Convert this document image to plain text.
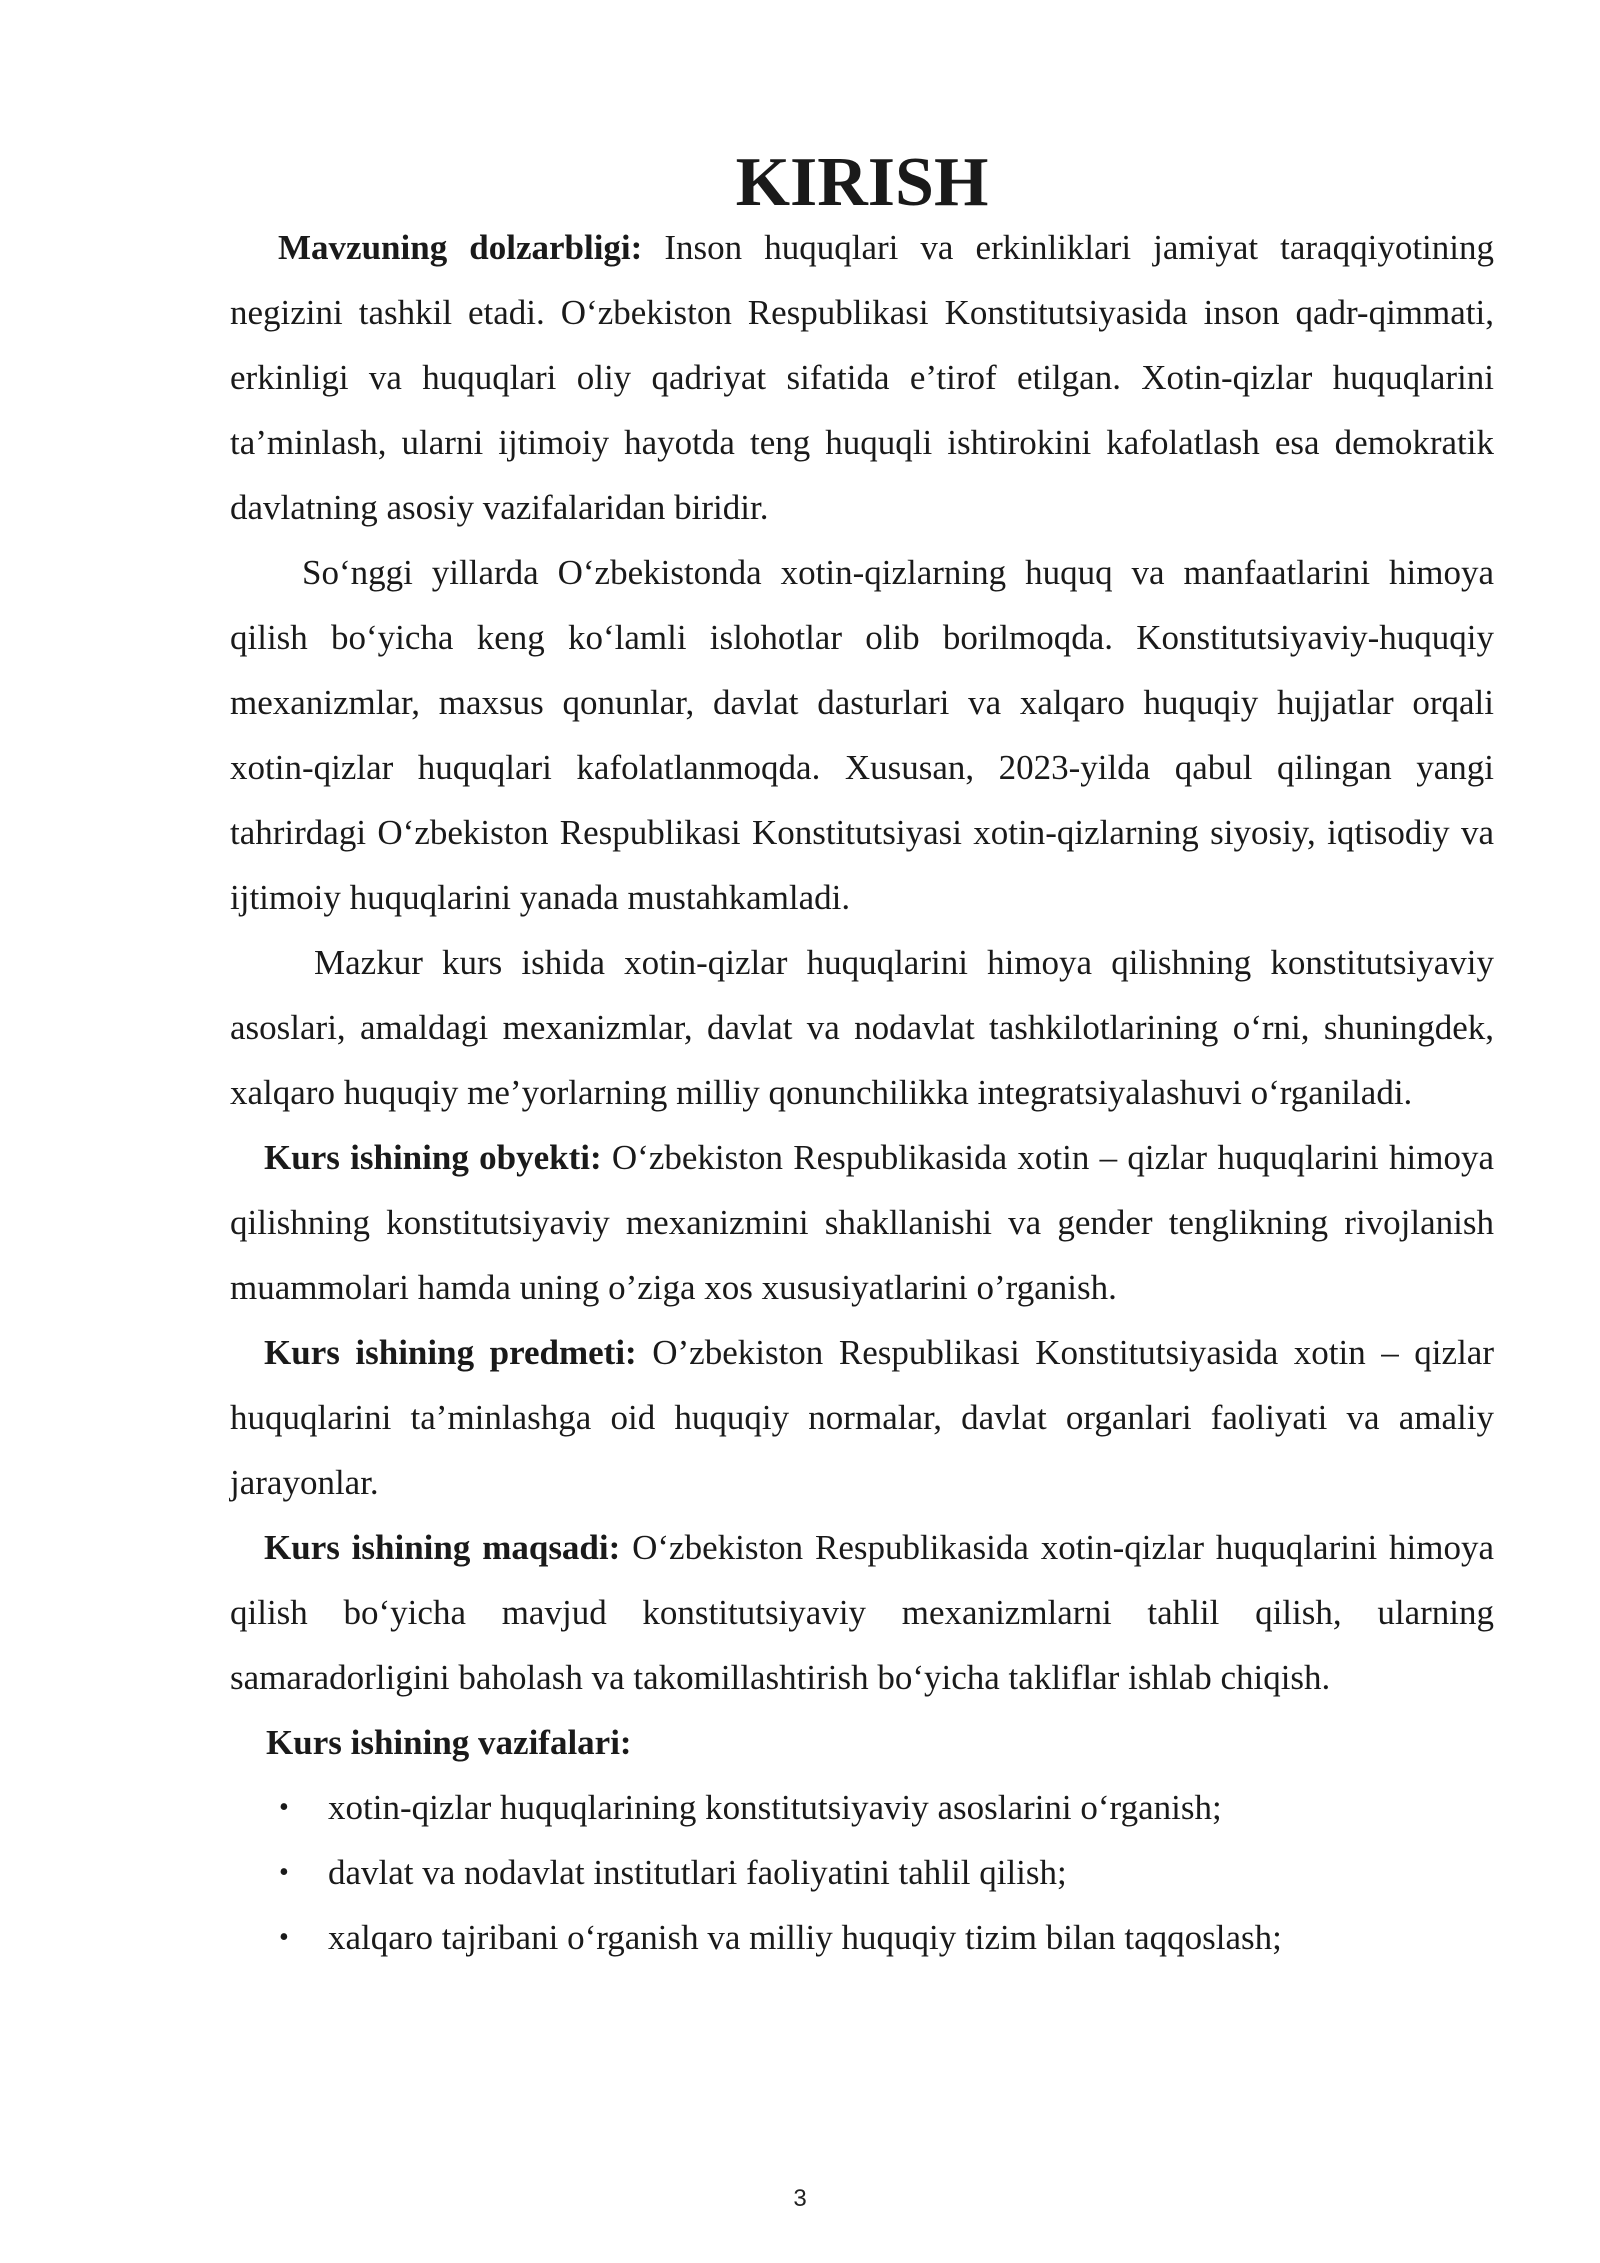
KIRISH

Mavzuning dolzarbligi: Inson huquqlari va erkinliklari jamiyat taraqqiyotining negizini tashkil etadi. O‘zbekiston Respublikasi Konstitutsiyasida inson qadr-qimmati, erkinligi va huquqlari oliy qadriyat sifatida e’tirof etilgan. Xotin-qizlar huquqlarini ta’minlash, ularni ijtimoiy hayotda teng huquqli ishtirokini kafolatlash esa demokratik davlatning asosiy vazifalaridan biridir.

So‘nggi yillarda O‘zbekistonda xotin-qizlarning huquq va manfaatlarini himoya qilish bo‘yicha keng ko‘lamli islohotlar olib borilmoqda. Konstitutsiyaviy-huquqiy mexanizmlar, maxsus qonunlar, davlat dasturlari va xalqaro huquqiy hujjatlar orqali xotin-qizlar huquqlari kafolatlanmoqda. Xususan, 2023-yilda qabul qilingan yangi tahrirdagi O‘zbekiston Respublikasi Konstitutsiyasi xotin-qizlarning siyosiy, iqtisodiy va ijtimoiy huquqlarini yanada mustahkamladi.

Mazkur kurs ishida xotin-qizlar huquqlarini himoya qilishning konstitutsiyaviy asoslari, amaldagi mexanizmlar, davlat va nodavlat tashkilotlarining o‘rni, shuningdek, xalqaro huquqiy me’yorlarning milliy qonunchilikka integratsiyalashuvi o‘rganiladi.

Kurs ishining obyekti: O‘zbekiston Respublikasida xotin – qizlar huquqlarini himoya qilishning konstitutsiyaviy mexanizmini shakllanishi va gender tenglikning rivojlanish muammolari hamda uning o’ziga xos xususiyatlarini o’rganish.

Kurs ishining predmeti: O’zbekiston Respublikasi Konstitutsiyasida xotin – qizlar huquqlarini ta’minlashga oid huquqiy normalar, davlat organlari faoliyati va amaliy jarayonlar.

Kurs ishining maqsadi: O‘zbekiston Respublikasida xotin-qizlar huquqlarini himoya qilish bo‘yicha mavjud konstitutsiyaviy mexanizmlarni tahlil qilish, ularning samaradorligini baholash va takomillashtirish bo‘yicha takliflar ishlab chiqish.

Kurs ishining vazifalari:

• xotin-qizlar huquqlarining konstitutsiyaviy asoslarini o‘rganish;
• davlat va nodavlat institutlari faoliyatini tahlil qilish;
• xalqaro tajribani o‘rganish va milliy huquqiy tizim bilan taqqoslash;
3
